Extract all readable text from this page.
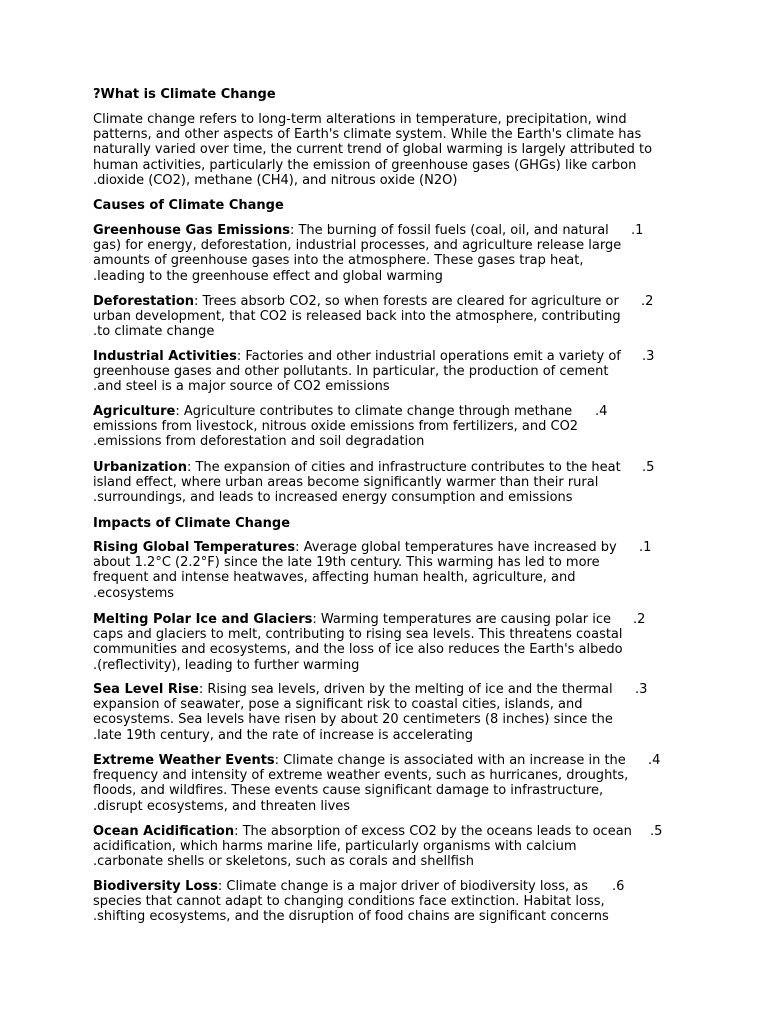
?What is Climate Change
Climate change refers to long-term alterations in temperature, precipitation, wind
patterns, and other aspects of Earth's climate system. While the Earth's climate has
naturally varied over time, the current trend of global warming is largely attributed to
human activities, particularly the emission of greenhouse gases (GHGs) like carbon
.dioxide (CO2), methane (CH4), and nitrous oxide (N2O)
Causes of Climate Change
.1
Greenhouse Gas Emissions: The burning of fossil fuels (coal, oil, and natural
gas) for energy, deforestation, industrial processes, and agriculture release large
amounts of greenhouse gases into the atmosphere. These gases trap heat,
.leading to the greenhouse effect and global warming
.2
Deforestation: Trees absorb CO2, so when forests are cleared for agriculture or
urban development, that CO2 is released back into the atmosphere, contributing
.to climate change
.3
Industrial Activities: Factories and other industrial operations emit a variety of
greenhouse gases and other pollutants. In particular, the production of cement
.and steel is a major source of CO2 emissions
.4
Agriculture: Agriculture contributes to climate change through methane
emissions from livestock, nitrous oxide emissions from fertilizers, and CO2
.emissions from deforestation and soil degradation
.5
Urbanization: The expansion of cities and infrastructure contributes to the heat
island effect, where urban areas become significantly warmer than their rural
.surroundings, and leads to increased energy consumption and emissions
Impacts of Climate Change
.1
Rising Global Temperatures: Average global temperatures have increased by
about 1.2°C (2.2°F) since the late 19th century. This warming has led to more
frequent and intense heatwaves, affecting human health, agriculture, and
.ecosystems
.2
Melting Polar Ice and Glaciers: Warming temperatures are causing polar ice
caps and glaciers to melt, contributing to rising sea levels. This threatens coastal
communities and ecosystems, and the loss of ice also reduces the Earth's albedo
.(reflectivity), leading to further warming
.3
Sea Level Rise: Rising sea levels, driven by the melting of ice and the thermal
expansion of seawater, pose a significant risk to coastal cities, islands, and
ecosystems. Sea levels have risen by about 20 centimeters (8 inches) since the
.late 19th century, and the rate of increase is accelerating
.4
Extreme Weather Events: Climate change is associated with an increase in the
frequency and intensity of extreme weather events, such as hurricanes, droughts,
floods, and wildfires. These events cause significant damage to infrastructure,
.disrupt ecosystems, and threaten lives
.5
Ocean Acidification: The absorption of excess CO2 by the oceans leads to ocean
acidification, which harms marine life, particularly organisms with calcium
.carbonate shells or skeletons, such as corals and shellfish
.6
Biodiversity Loss: Climate change is a major driver of biodiversity loss, as
species that cannot adapt to changing conditions face extinction. Habitat loss,
.shifting ecosystems, and the disruption of food chains are significant concerns
